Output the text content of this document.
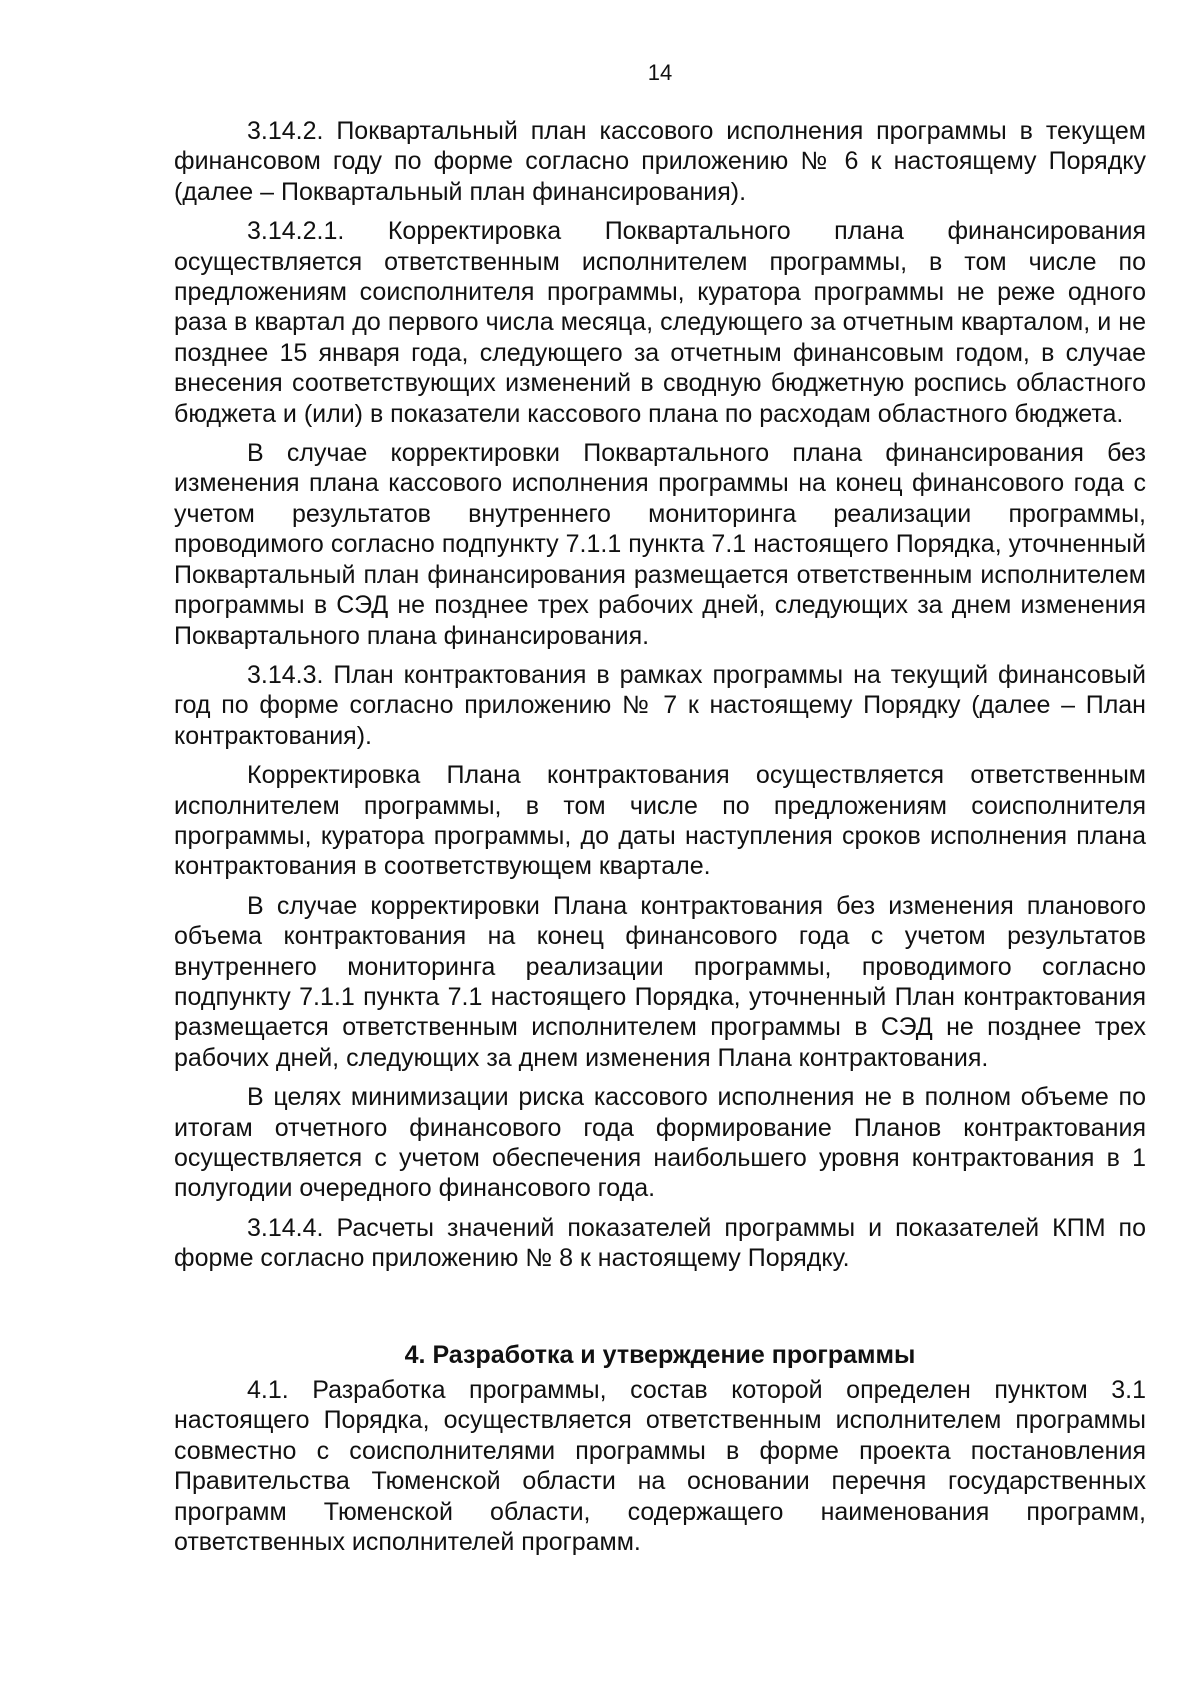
14

3.14.2. Поквартальный план кассового исполнения программы в текущем финансовом году по форме согласно приложению № 6 к настоящему Порядку (далее – Поквартальный план финансирования).

3.14.2.1. Корректировка Поквартального плана финансирования осуществляется ответственным исполнителем программы, в том числе по предложениям соисполнителя программы, куратора программы не реже одного раза в квартал до первого числа месяца, следующего за отчетным кварталом, и не позднее 15 января года, следующего за отчетным финансовым годом, в случае внесения соответствующих изменений в сводную бюджетную роспись областного бюджета и (или) в показатели кассового плана по расходам областного бюджета.

В случае корректировки Поквартального плана финансирования без изменения плана кассового исполнения программы на конец финансового года с учетом результатов внутреннего мониторинга реализации программы, проводимого согласно подпункту 7.1.1 пункта 7.1 настоящего Порядка, уточненный Поквартальный план финансирования размещается ответственным исполнителем программы в СЭД не позднее трех рабочих дней, следующих за днем изменения Поквартального плана финансирования.

3.14.3. План контрактования в рамках программы на текущий финансовый год по форме согласно приложению № 7 к настоящему Порядку (далее – План контрактования).

Корректировка Плана контрактования осуществляется ответственным исполнителем программы, в том числе по предложениям соисполнителя программы, куратора программы, до даты наступления сроков исполнения плана контрактования в соответствующем квартале.

В случае корректировки Плана контрактования без изменения планового объема контрактования на конец финансового года с учетом результатов внутреннего мониторинга реализации программы, проводимого согласно подпункту 7.1.1 пункта 7.1 настоящего Порядка, уточненный План контрактования размещается ответственным исполнителем программы в СЭД не позднее трех рабочих дней, следующих за днем изменения Плана контрактования.

В целях минимизации риска кассового исполнения не в полном объеме по итогам отчетного финансового года формирование Планов контрактования осуществляется с учетом обеспечения наибольшего уровня контрактования в 1 полугодии очередного финансового года.

3.14.4. Расчеты значений показателей программы и показателей КПМ по форме согласно приложению № 8 к настоящему Порядку.

4. Разработка и утверждение программы

4.1. Разработка программы, состав которой определен пунктом 3.1 настоящего Порядка, осуществляется ответственным исполнителем программы совместно с соисполнителями программы в форме проекта постановления Правительства Тюменской области на основании перечня государственных программ Тюменской области, содержащего наименования программ, ответственных исполнителей программ.
